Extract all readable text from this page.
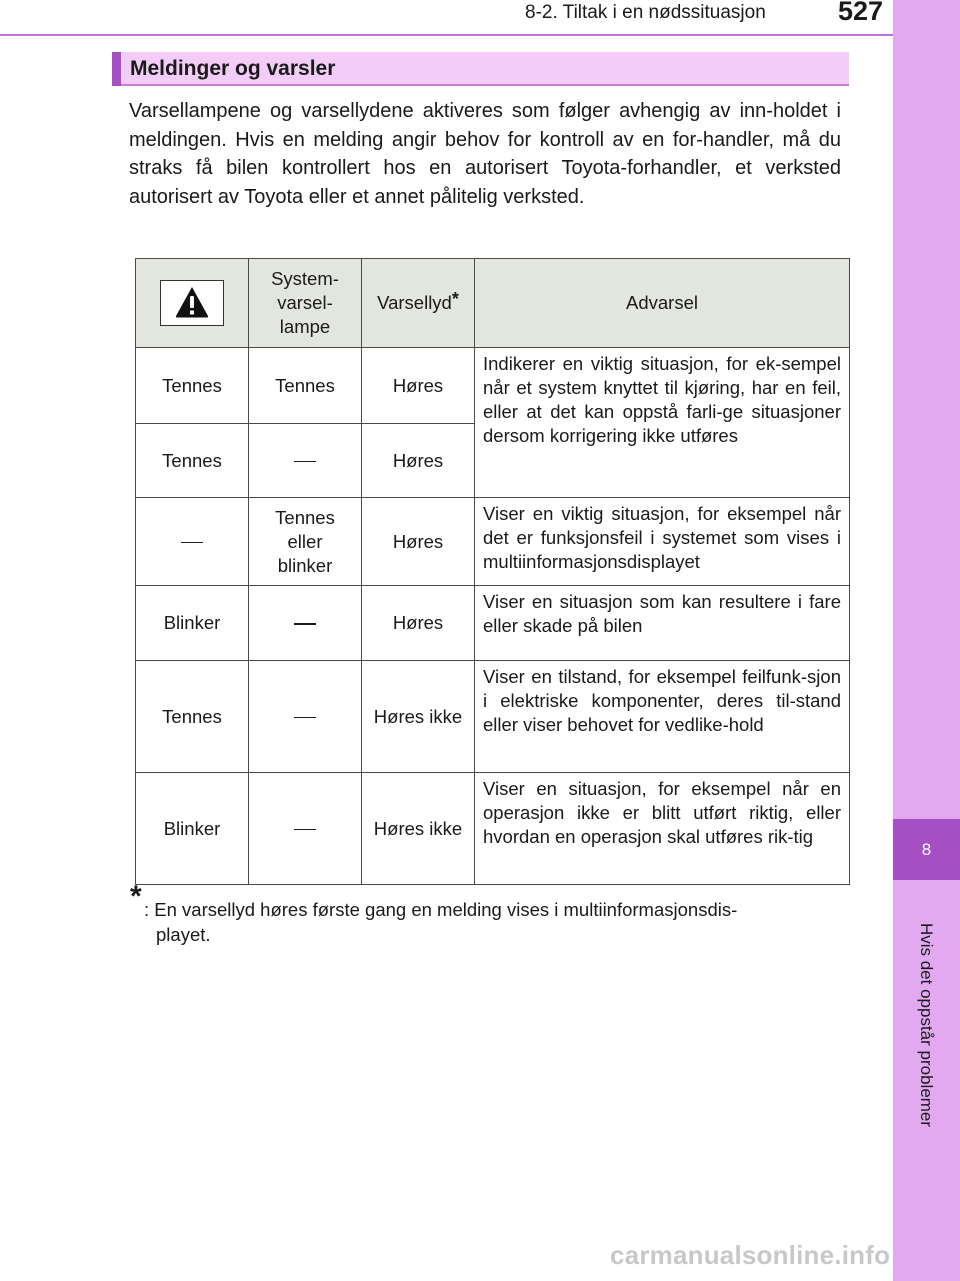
8
Hvis det oppstår problemer
8-2. Tiltak i en nødssituasjon	527
Meldinger og varsler

Varsellampene og varsellydene aktiveres som følger avhengig av inn-holdet i meldingen. Hvis en melding angir behov for kontroll av en for-handler, må du straks få bilen kontrollert hos en autorisert Toyota-forhandler, et verksted autorisert av Toyota eller et annet pålitelig verksted.

	System-
varsel-
lampe	Varsellyd*	Advarsel
Tennes	Tennes	Høres	Indikerer en viktig situasjon, for ek-sempel når et system knyttet til kjøring, har en feil, eller at det kan oppstå farli-ge situasjoner dersom korrigering ikke utføres
Tennes		Høres	
	Tennes
eller
blinker	Høres	Viser en viktig situasjon, for eksempel når det er funksjonsfeil i systemet som vises i multiinformasjonsdisplayet
Blinker		Høres	Viser en situasjon som kan resultere i fare eller skade på bilen
Tennes		Høres ikke	Viser en tilstand, for eksempel feilfunk-sjon i elektriske komponenter, deres til-stand eller viser behovet for vedlike-hold
Blinker		Høres ikke	Viser en situasjon, for eksempel når en operasjon ikke er blitt utført riktig, eller hvordan en operasjon skal utføres rik-tig
* : En varsellyd høres første gang en melding vises i multiinformasjonsdis-
playet.

carmanualsonline.info
